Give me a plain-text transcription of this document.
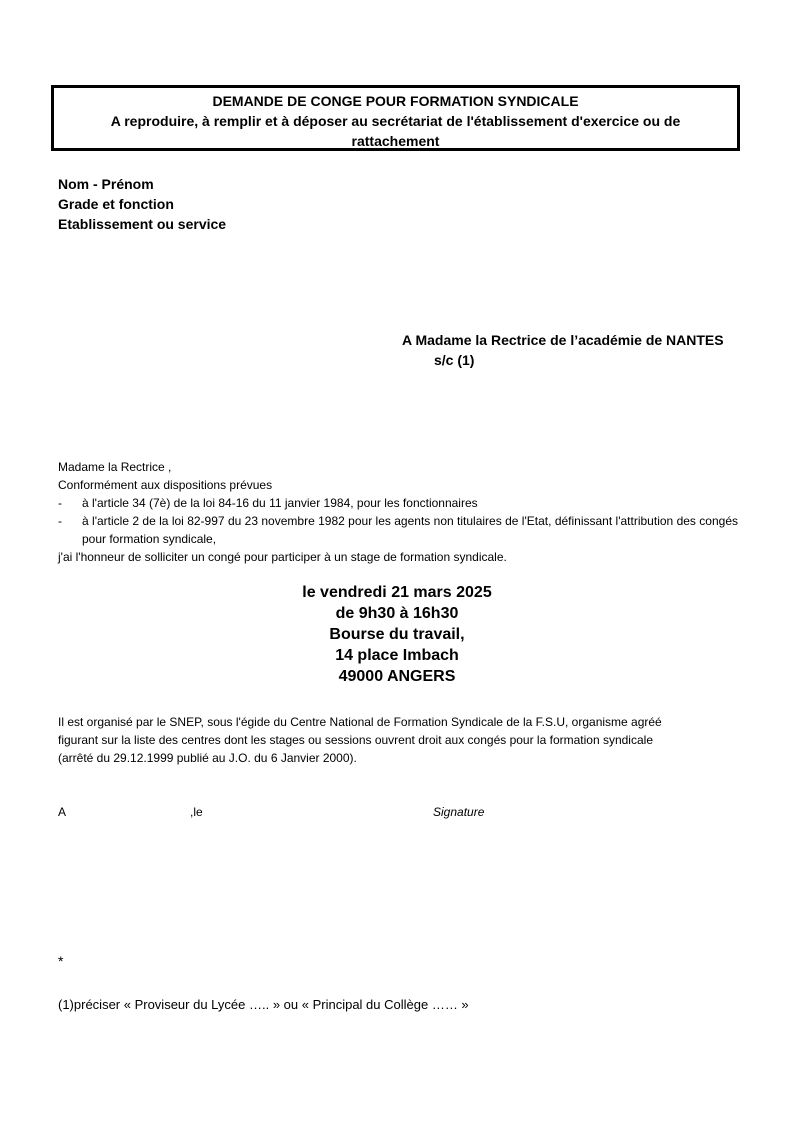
DEMANDE DE CONGE POUR FORMATION SYNDICALE
A reproduire, à remplir et à déposer au secrétariat de l'établissement d'exercice ou de
rattachement
Nom - Prénom
Grade et fonction
Etablissement ou service
A Madame la Rectrice de l’académie de NANTES
s/c (1)

Madame la Rectrice ,

Conformément aux dispositions prévues

-	à l'article 34 (7è) de la loi 84-16 du 11 janvier 1984, pour les fonctionnaires
-	à l'article 2 de la loi 82-997 du 23 novembre 1982 pour les agents non titulaires de l'Etat, définissant l'attribution des congés pour formation syndicale,

j'ai l'honneur de solliciter un congé pour participer à un stage de formation syndicale.

le vendredi 21 mars 2025
de 9h30 à 16h30
Bourse du travail,
14 place Imbach
49000 ANGERS
Il est organisé par le SNEP, sous l'égide du Centre National de Formation Syndicale de la F.S.U, organisme agréé
figurant sur la liste des centres dont les stages ou sessions ouvrent droit aux congés pour la formation syndicale
(arrêté du 29.12.1999 publié au J.O. du 6 Janvier 2000).
A	,le	Signature
*
(1)préciser « Proviseur du Lycée ….. » ou « Principal du Collège …… »
